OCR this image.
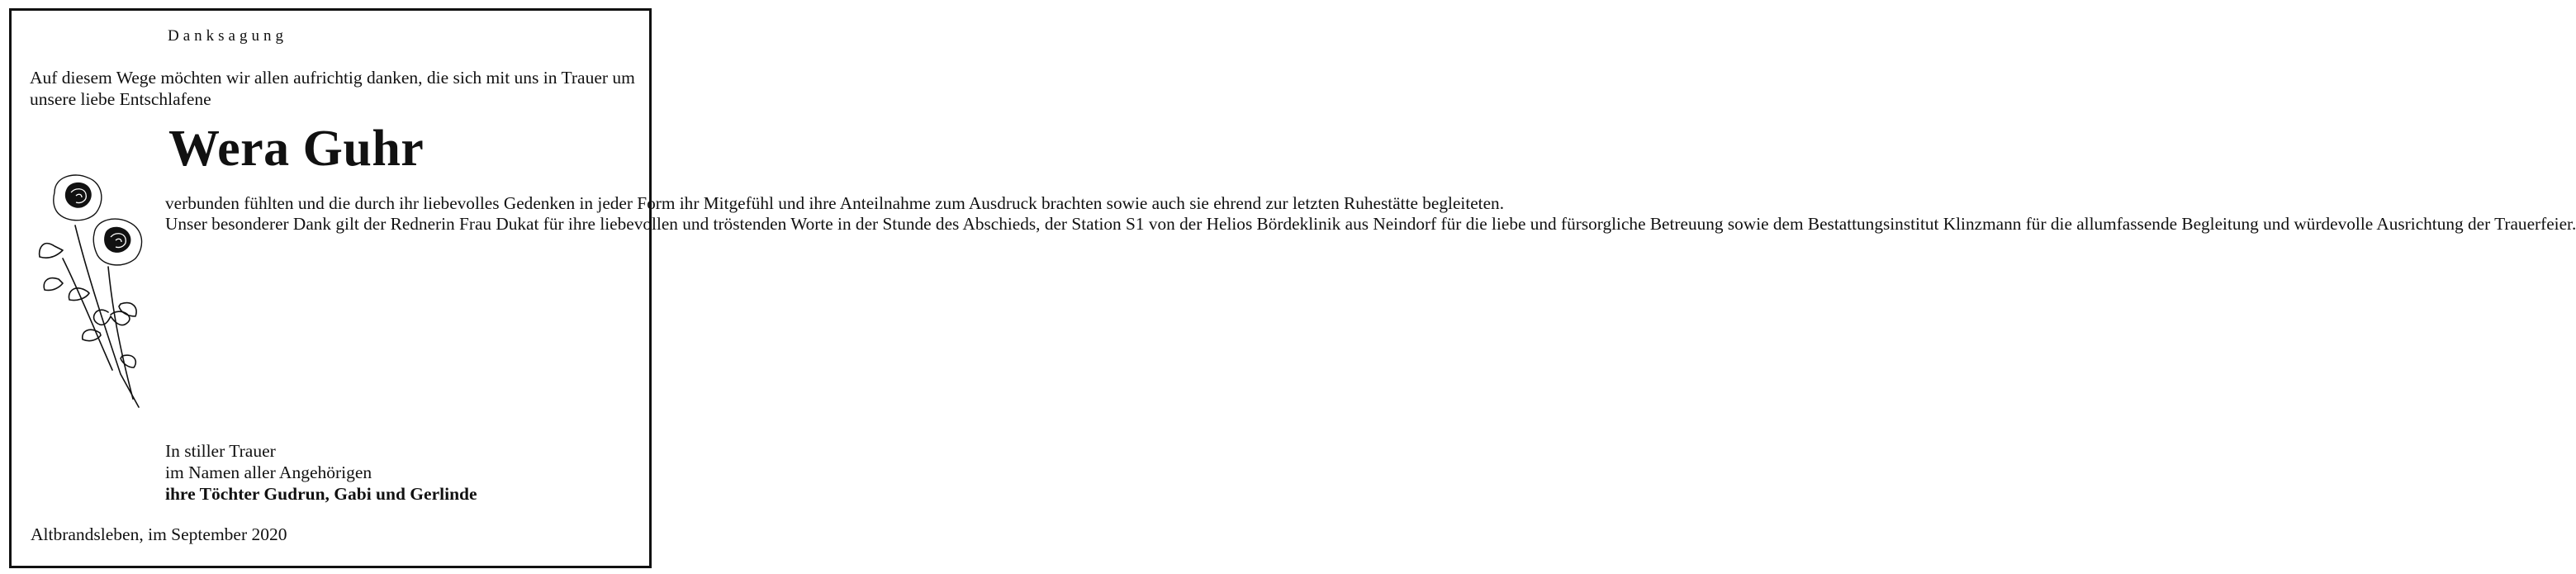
Danksagung
Auf diesem Wege möchten wir allen aufrichtig danken, die sich mit uns in Trauer um unsere liebe Entschlafene
Wera Guhr

verbunden fühlten und die durch ihr liebevolles Gedenken in jeder Form ihr Mitgefühl und ihre Anteilnahme zum Ausdruck brachten sowie auch sie ehrend zur letzten Ruhestätte begleiteten.

Unser besonderer Dank gilt der Rednerin Frau Dukat für ihre liebevollen und tröstenden Worte in der Stunde des Abschieds, der Station S1 von der Helios Bördeklinik aus Neindorf für die liebe und fürsorgliche Betreuung sowie dem Bestattungsinstitut Klinzmann für die allumfassende Begleitung und würdevolle Ausrichtung der Trauerfeier.

In stiller Trauer
im Namen aller Angehörigen
ihre Töchter Gudrun, Gabi und Gerlinde
Altbrandsleben, im September 2020
